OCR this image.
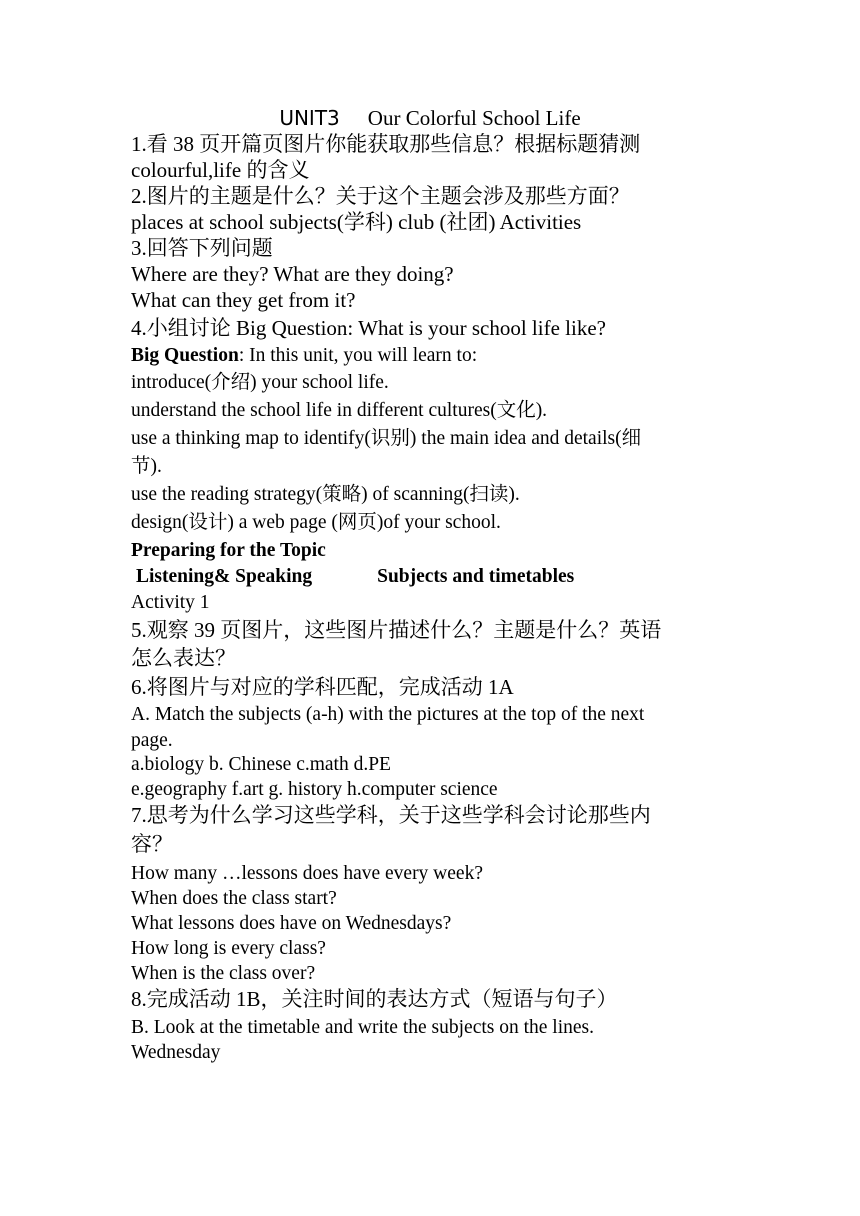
UNIT3 Our Colorful School Life
1.看 38 页开篇页图片你能获取那些信息？根据标题猜测
colourful,life 的含义
2.图片的主题是什么？关于这个主题会涉及那些方面？
places at school subjects(学科) club (社团) Activities
3.回答下列问题
Where are they? What are they doing?
What can they get from it?
4.小组讨论 Big Question: What is your school life like?
Big Question: In this unit, you will learn to:
introduce(介绍) your school life.
understand the school life in different cultures(文化).
use a thinking map to identify(识别) the main idea and details(细
节).
use the reading strategy(策略) of scanning(扫读).
design(设计) a web page (网页)of your school.
Preparing for the Topic
Listening& Speaking	Subjects and timetables
Activity 1
5.观察 39 页图片，这些图片描述什么？主题是什么？英语
怎么表达？
6.将图片与对应的学科匹配，完成活动 1A
A. Match the subjects (a-h) with the pictures at the top of the next
page.
a.biology b. Chinese c.math d.PE
e.geography f.art g. history h.computer science
7.思考为什么学习这些学科，关于这些学科会讨论那些内
容？
How many …lessons does have every week?
When does the class start?
What lessons does have on Wednesdays?
How long is every class?
When is the class over?
8.完成活动 1B，关注时间的表达方式（短语与句子）
B. Look at the timetable and write the subjects on the lines.
Wednesday
